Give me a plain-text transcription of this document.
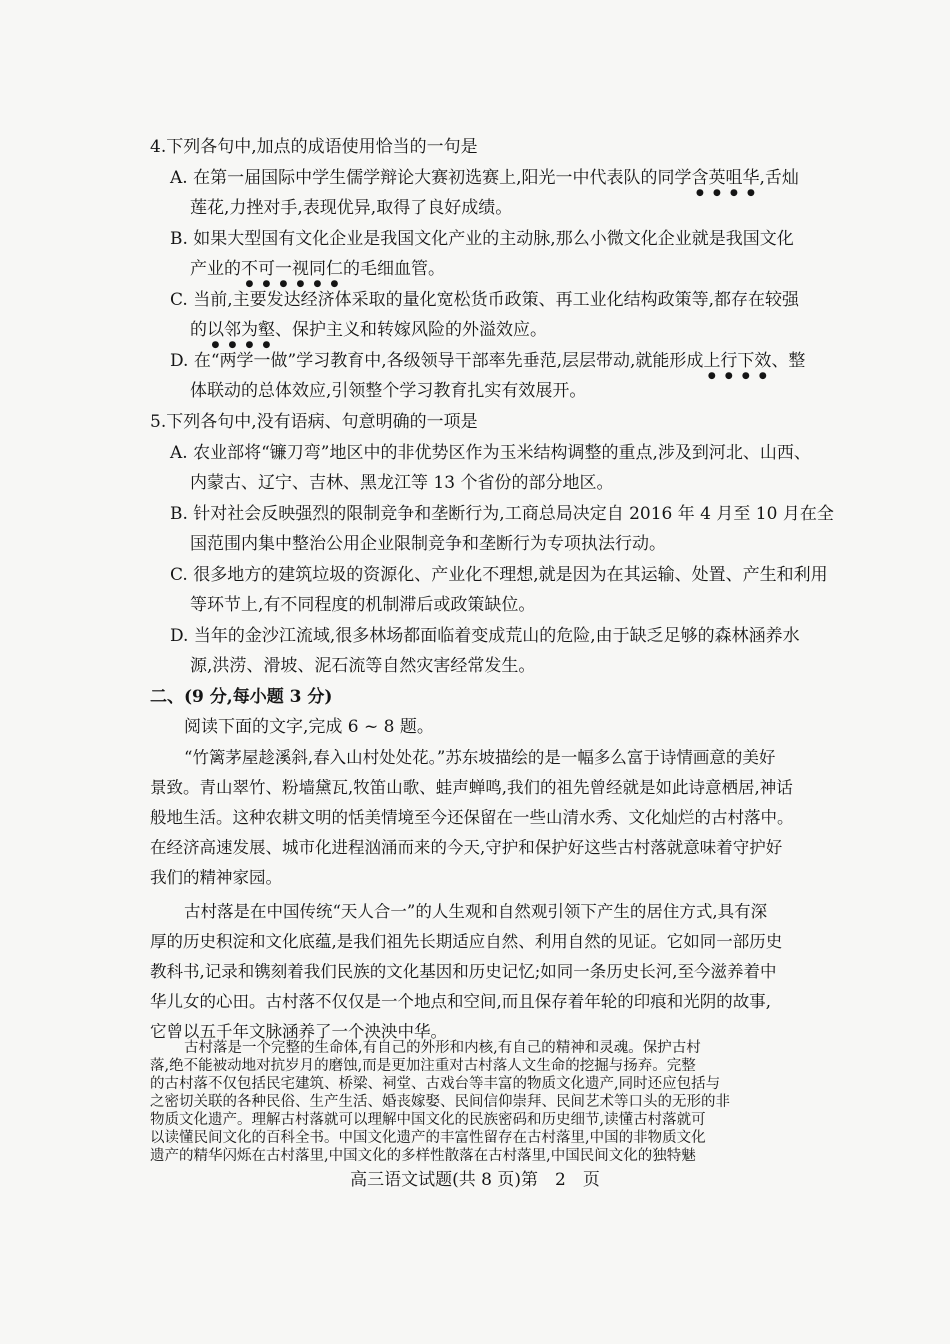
4.下列各句中,加点的成语使用恰当的一句是
A. 在第一届国际中学生儒学辩论大赛初选赛上,阳光一中代表队的同学含英咀华,舌灿
莲花,力挫对手,表现优异,取得了良好成绩。
B. 如果大型国有文化企业是我国文化产业的主动脉,那么小微文化企业就是我国文化
产业的不可一视同仁的毛细血管。
C. 当前,主要发达经济体采取的量化宽松货币政策、再工业化结构政策等,都存在较强
的以邻为壑、保护主义和转嫁风险的外溢效应。
D. 在“两学一做”学习教育中,各级领导干部率先垂范,层层带动,就能形成上行下效、整
体联动的总体效应,引领整个学习教育扎实有效展开。
5.下列各句中,没有语病、句意明确的一项是
A. 农业部将“镰刀弯”地区中的非优势区作为玉米结构调整的重点,涉及到河北、山西、
内蒙古、辽宁、吉林、黑龙江等 13 个省份的部分地区。
B. 针对社会反映强烈的限制竞争和垄断行为,工商总局决定自 2016 年 4 月至 10 月在全
国范围内集中整治公用企业限制竞争和垄断行为专项执法行动。
C. 很多地方的建筑垃圾的资源化、产业化不理想,就是因为在其运输、处置、产生和利用
等环节上,有不同程度的机制滞后或政策缺位。
D. 当年的金沙江流域,很多林场都面临着变成荒山的危险,由于缺乏足够的森林涵养水
源,洪涝、滑坡、泥石流等自然灾害经常发生。
二、(9 分,每小题 3 分)
阅读下面的文字,完成 6 ~ 8 题。
“竹篱茅屋趁溪斜,春入山村处处花。”苏东坡描绘的是一幅多么富于诗情画意的美好
景致。青山翠竹、粉墙黛瓦,牧笛山歌、蛙声蝉鸣,我们的祖先曾经就是如此诗意栖居,神话
般地生活。这种农耕文明的恬美情境至今还保留在一些山清水秀、文化灿烂的古村落中。
在经济高速发展、城市化进程汹涌而来的今天,守护和保护好这些古村落就意味着守护好
我们的精神家园。
古村落是在中国传统“天人合一”的人生观和自然观引领下产生的居住方式,具有深
厚的历史积淀和文化底蕴,是我们祖先长期适应自然、利用自然的见证。它如同一部历史
教科书,记录和镌刻着我们民族的文化基因和历史记忆;如同一条历史长河,至今滋养着中
华儿女的心田。古村落不仅仅是一个地点和空间,而且保存着年轮的印痕和光阴的故事,
它曾以五千年文脉涵养了一个泱泱中华。
古村落是一个完整的生命体,有自己的外形和内核,有自己的精神和灵魂。保护古村
落,绝不能被动地对抗岁月的磨蚀,而是更加注重对古村落人文生命的挖掘与扬弃。完整
的古村落不仅包括民宅建筑、桥梁、祠堂、古戏台等丰富的物质文化遗产,同时还应包括与
之密切关联的各种民俗、生产生活、婚丧嫁娶、民间信仰崇拜、民间艺术等口头的无形的非
物质文化遗产。理解古村落就可以理解中国文化的民族密码和历史细节,读懂古村落就可
以读懂民间文化的百科全书。中国文化遗产的丰富性留存在古村落里,中国的非物质文化
遗产的精华闪烁在古村落里,中国文化的多样性散落在古村落里,中国民间文化的独特魅
高三语文试题(共 8 页)第　2　页
